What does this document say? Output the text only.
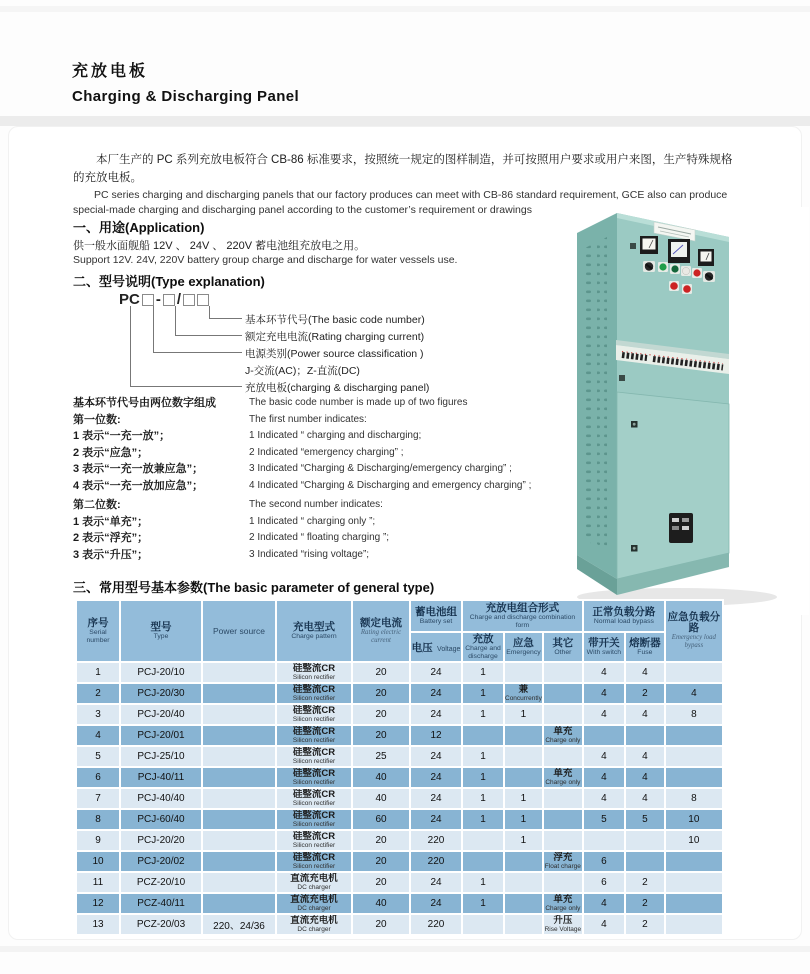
充放电板
Charging & Discharging Panel

本厂生产的 PC 系列充放电板符合 CB-86 标准要求，按照统一规定的图样制造，并可按照用户要求或用户来图，生产特殊规格的充放电板。

PC series charging and discharging panels that our factory produces can meet with CB-86 standard requirement, GCE also can produce special-made charging and discharging panel according to the customer’s requirement or drawings

一、用途(Application)
供一般水面舰船 12V 、 24V 、 220V 蓄电池组充放电之用。
Support 12V. 24V, 220V battery group charge and discharge for water vessels use.
二、型号说明(Type explanation)
PC - /
基本环节代号(The basic code number)
额定充电电流(Rating charging current)
电源类别(Power source classification )
J-交流(AC)；Z-直流(DC)
充放电板(charging & discharging panel)
基本环节代号由两位数字组成	The basic code number is made up of two figures
第一位数:	The first number indicates:
1 表示“一充一放”；	1 Indicated “ charging and discharging;
2 表示“应急”；	2 Indicated “emergency charging” ;
3 表示“一充一放兼应急”；	3 Indicated “Charging & Discharging/emergency charging” ;
4 表示“一充一放加应急”；	4 Indicated “Charging & Discharging and emergency charging” ;
第二位数:	The second number indicates:
1 表示“单充”；	1 Indicated “ charging only ”;
2 表示“浮充”；	2 Indicated “ floating charging ”;
3 表示“升压”；	3 Indicated “rising voltage”;
三、常用型号基本参数(The basic parameter of general type)
序号
Serial number	型号
Type	Power source	充电型式
Charge pattern	额定电流
Rating electric current	蓄电池组
Battery set	充放电组合形式
Charge and discharge combination form			正常负载分路
Normal load bypass		应急负载分路
Emergency load bypass

					电压 Voltage	充放
Charge and discharge	应急
Emergency	其它
Other	带开关
With switch	熔断器
Fuse	

1	PCJ-20/10		硅整流CR
Silicon rectifier	20	24	1			4	4	
2	PCJ-20/30		硅整流CR
Silicon rectifier	20	24	1	兼
Concurrently		4	2	4
3	PCJ-20/40		硅整流CR
Silicon rectifier	20	24	1	1		4	4	8
4	PCJ-20/01		硅整流CR
Silicon rectifier	20	12			单充
Charge only

5	PCJ-25/10		硅整流CR
Silicon rectifier	25	24	1			4	4	
6	PCJ-40/11		硅整流CR
Silicon rectifier	40	24	1		单充
Charge only	4	4	
7	PCJ-40/40		硅整流CR
Silicon rectifier	40	24	1	1		4	4	8
8	PCJ-60/40		硅整流CR
Silicon rectifier	60	24	1	1		5	5	10
9	PCJ-20/20		硅整流CR
Silicon rectifier	20	220		1				10
10	PCJ-20/02		硅整流CR
Silicon rectifier	20	220			浮充
Float charge	6		
11	PCZ-20/10		直流充电机
DC charger	20	24	1			6	2	
12	PCZ-40/11		直流充电机
DC charger	40	24	1		单充
Charge only	4	2	
13	PCZ-20/03	220、24/36	
直流充电机
DC charger	20	220			升压
Rise Voltage	4	2	
